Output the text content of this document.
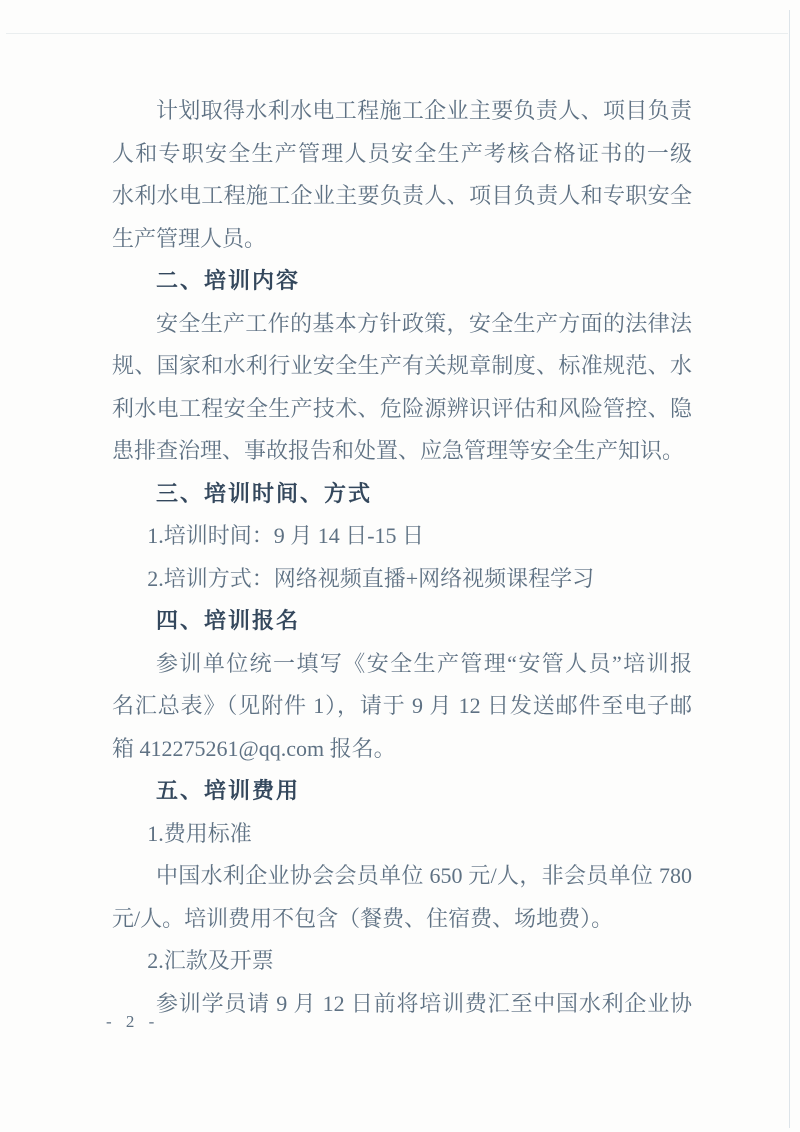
计划取得水利水电工程施工企业主要负责人、项目负责
人和专职安全生产管理人员安全生产考核合格证书的一级
水利水电工程施工企业主要负责人、项目负责人和专职安全
生产管理人员。
二、培训内容
安全生产工作的基本方针政策，安全生产方面的法律法
规、国家和水利行业安全生产有关规章制度、标准规范、水
利水电工程安全生产技术、危险源辨识评估和风险管控、隐
患排查治理、事故报告和处置、应急管理等安全生产知识。
三、培训时间、方式
1.培训时间：9 月 14 日-15 日
2.培训方式：网络视频直播+网络视频课程学习
四、培训报名
参训单位统一填写《安全生产管理“安管人员”培训报
名汇总表》（见附件 1），请于 9 月 12 日发送邮件至电子邮
箱 412275261@qq.com 报名。
五、培训费用
1.费用标准
中国水利企业协会会员单位 650 元/人，非会员单位 780
元/人。培训费用不包含（餐费、住宿费、场地费）。
2.汇款及开票
参训学员请 9 月 12 日前将培训费汇至中国水利企业协
- 2 -
